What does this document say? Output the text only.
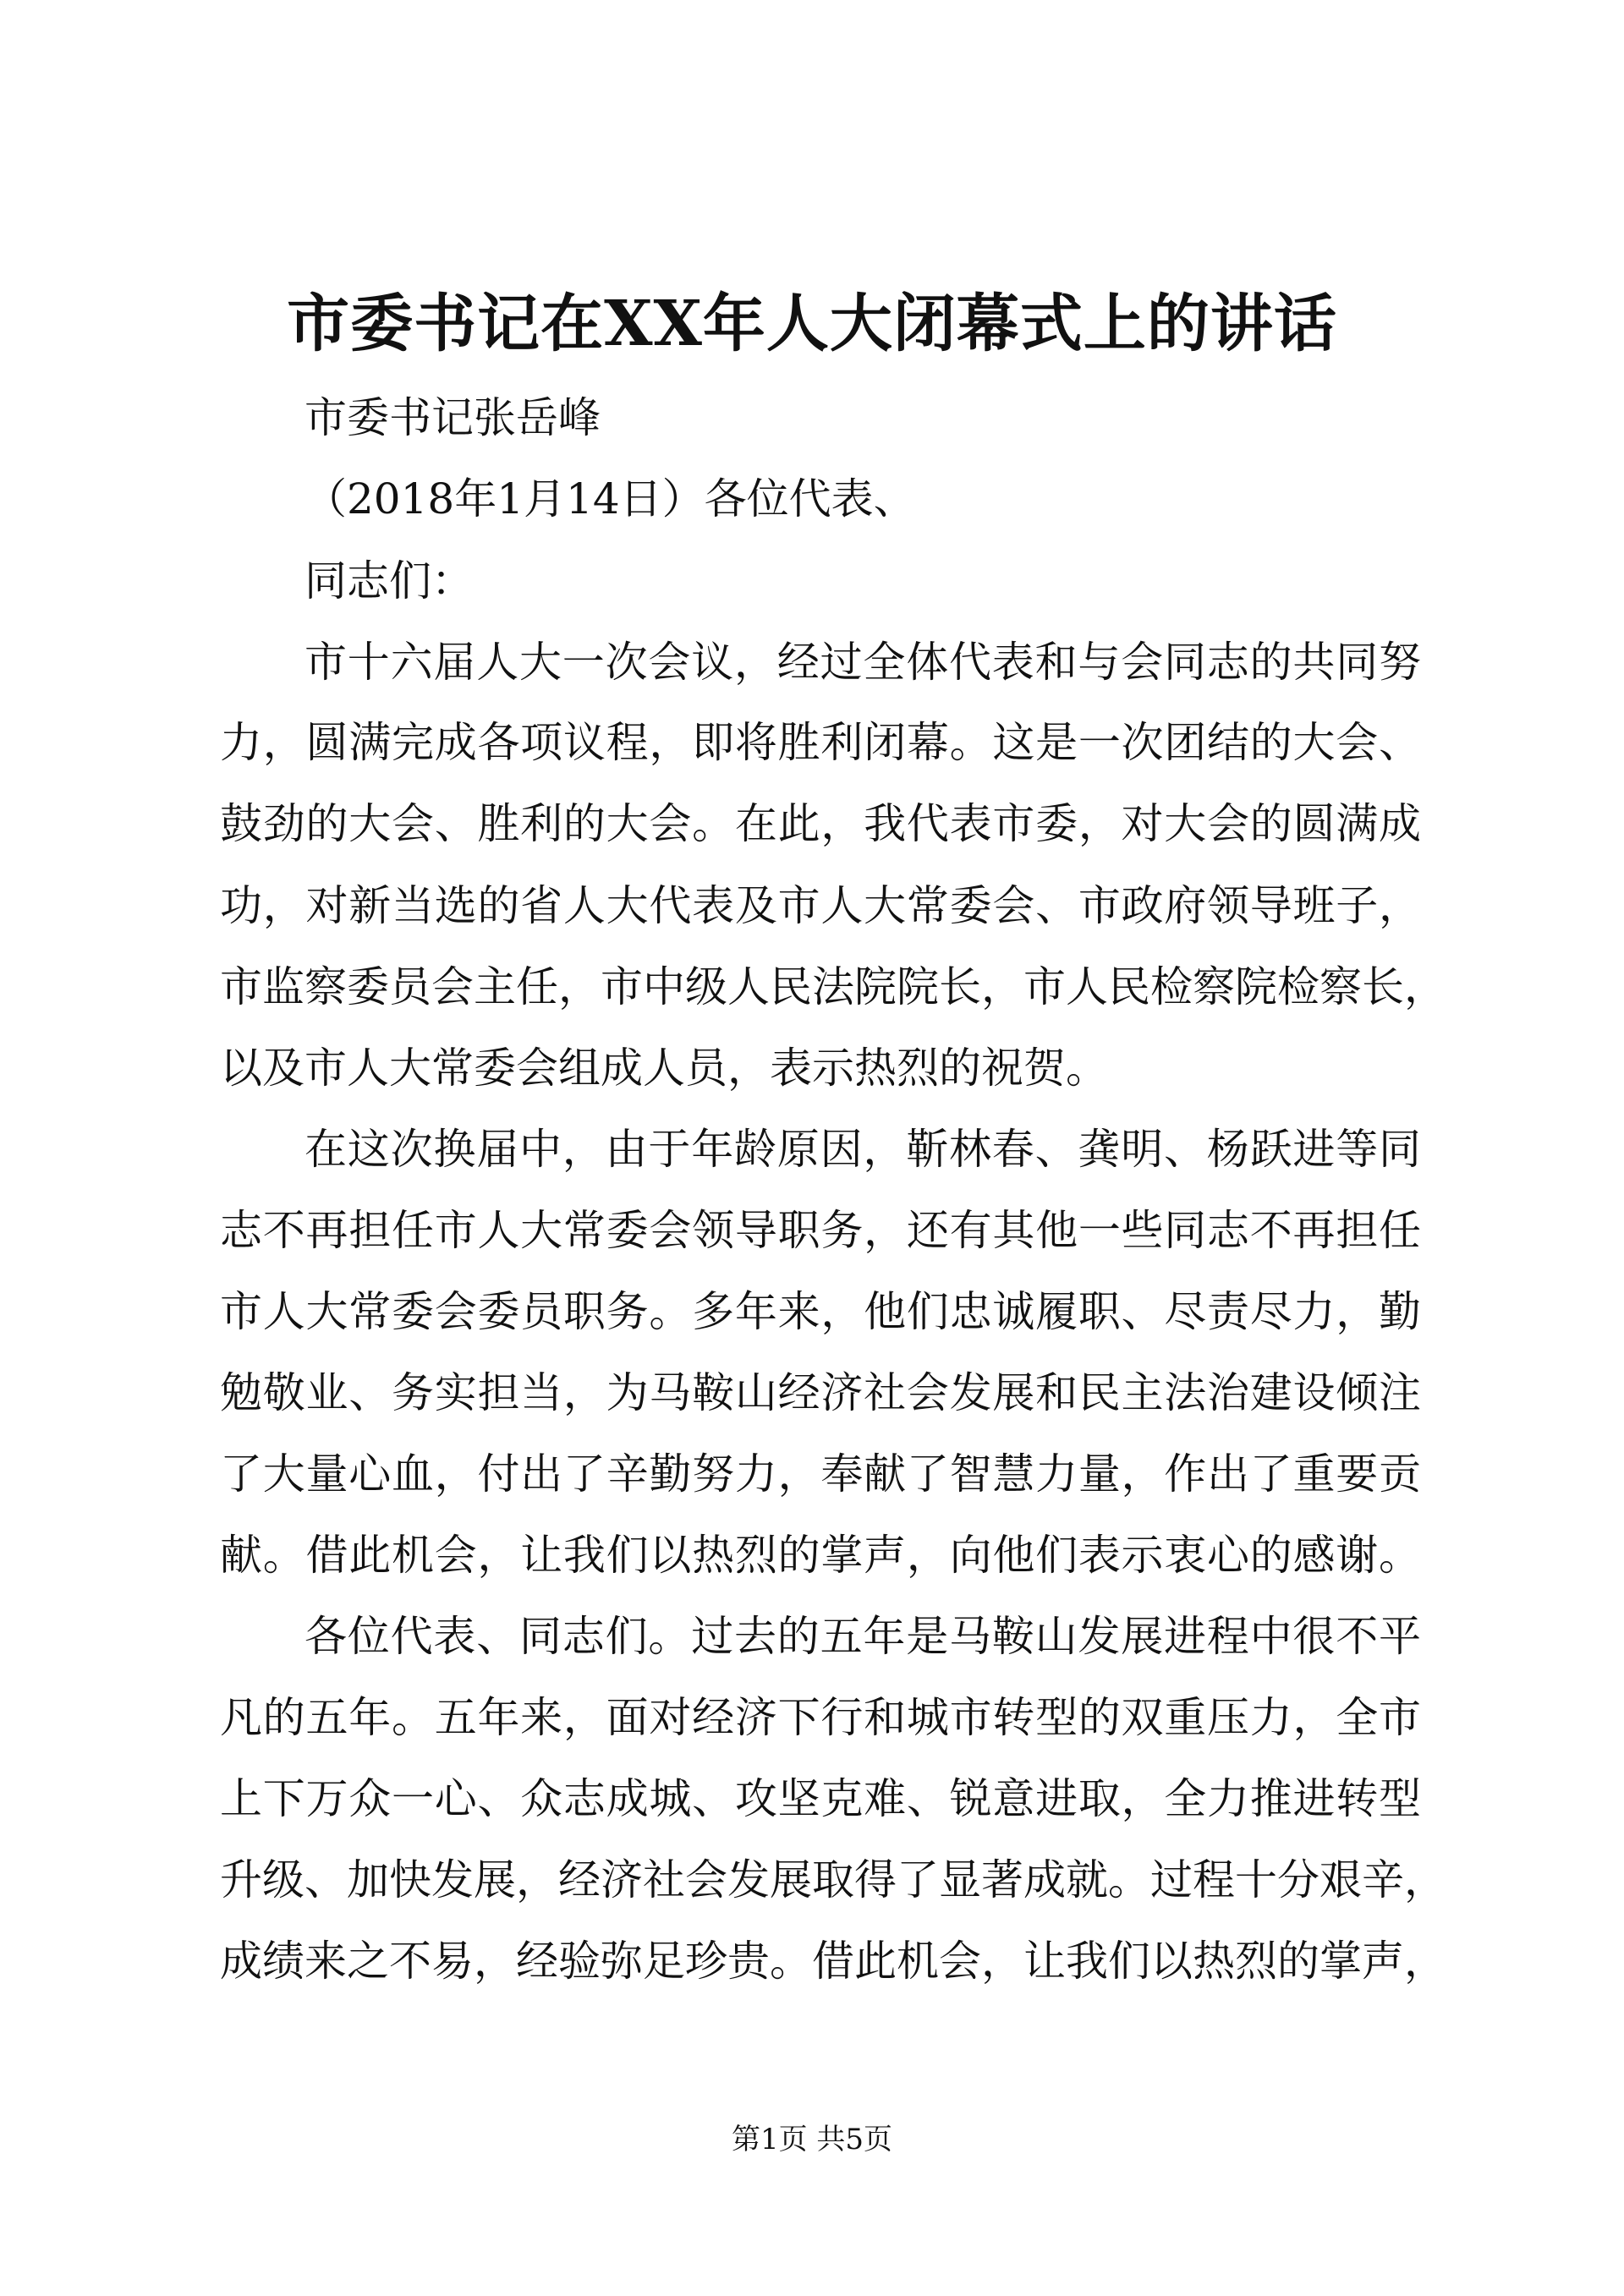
市委书记在XX年人大闭幕式上的讲话

市委书记张岳峰

（2018年1月14日）各位代表、

同志们：

市十六届人大一次会议，经过全体代表和与会同志的共同努

力，圆满完成各项议程，即将胜利闭幕。这是一次团结的大会、

鼓劲的大会、胜利的大会。在此，我代表市委，对大会的圆满成

功，对新当选的省人大代表及市人大常委会、市政府领导班子，

市监察委员会主任，市中级人民法院院长，市人民检察院检察长，

以及市人大常委会组成人员，表示热烈的祝贺。

在这次换届中，由于年龄原因，靳林春、龚明、杨跃进等同

志不再担任市人大常委会领导职务，还有其他一些同志不再担任

市人大常委会委员职务。多年来，他们忠诚履职、尽责尽力，勤

勉敬业、务实担当，为马鞍山经济社会发展和民主法治建设倾注

了大量心血，付出了辛勤努力，奉献了智慧力量，作出了重要贡

献。借此机会，让我们以热烈的掌声，向他们表示衷心的感谢。

各位代表、同志们。过去的五年是马鞍山发展进程中很不平

凡的五年。五年来，面对经济下行和城市转型的双重压力，全市

上下万众一心、众志成城、攻坚克难、锐意进取，全力推进转型

升级、加快发展，经济社会发展取得了显著成就。过程十分艰辛，

成绩来之不易，经验弥足珍贵。借此机会，让我们以热烈的掌声，

第1页 共5页
